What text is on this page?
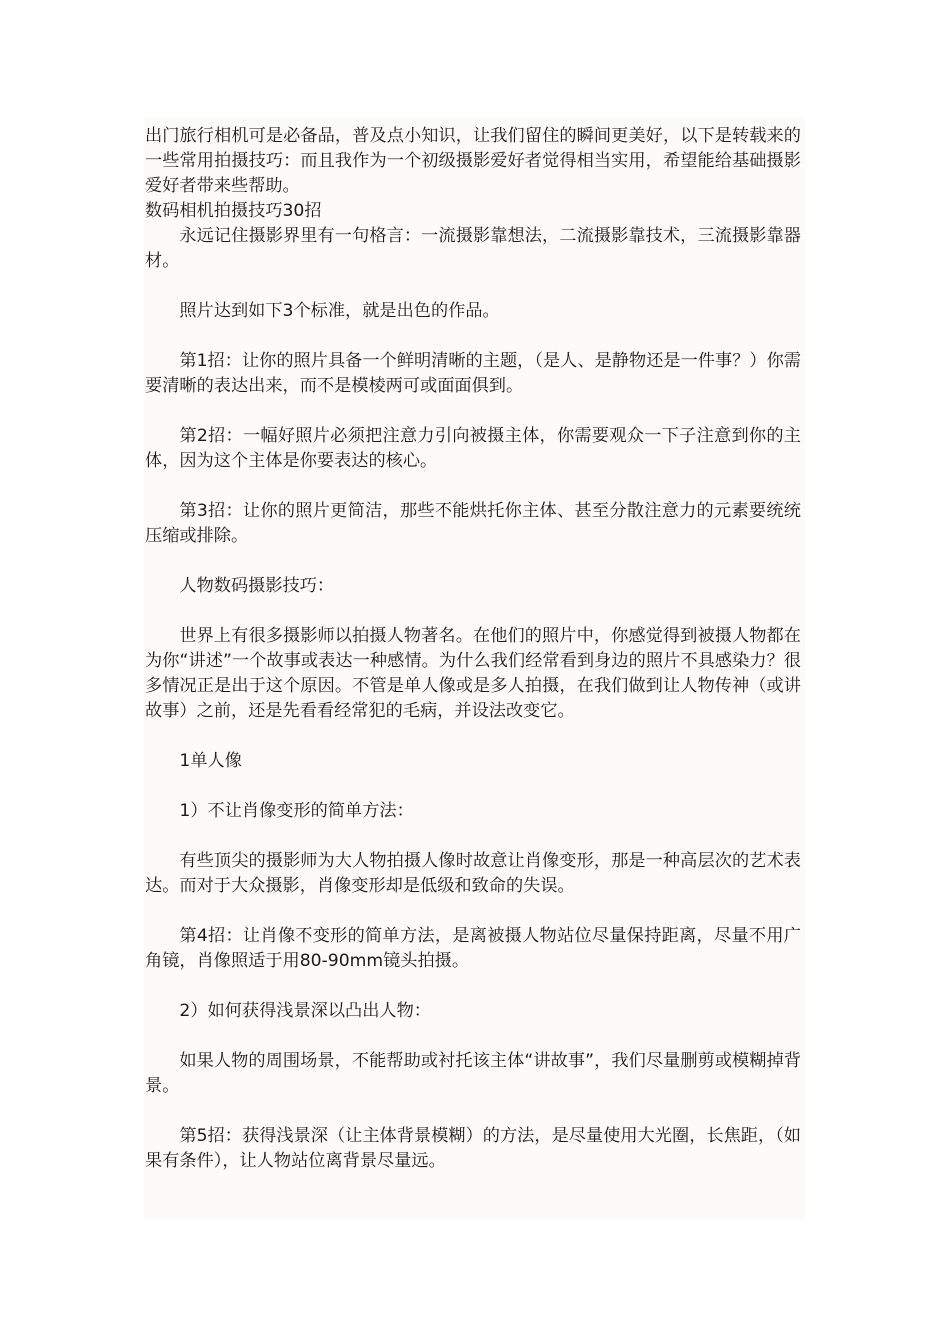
出门旅行相机可是必备品，普及点小知识，让我们留住的瞬间更美好，以下是转载来的一些常用拍摄技巧：而且我作为一个初级摄影爱好者觉得相当实用，希望能给基础摄影爱好者带来些帮助。

数码相机拍摄技巧30招

永远记住摄影界里有一句格言：一流摄影靠想法，二流摄影靠技术，三流摄影靠器材。

照片达到如下3个标准，就是出色的作品。

第1招：让你的照片具备一个鲜明清晰的主题，（是人、是静物还是一件事？）你需要清晰的表达出来，而不是模棱两可或面面俱到。

第2招：一幅好照片必须把注意力引向被摄主体，你需要观众一下子注意到你的主体，因为这个主体是你要表达的核心。

第3招：让你的照片更简洁，那些不能烘托你主体、甚至分散注意力的元素要统统压缩或排除。

人物数码摄影技巧：

世界上有很多摄影师以拍摄人物著名。在他们的照片中，你感觉得到被摄人物都在为你“讲述”一个故事或表达一种感情。为什么我们经常看到身边的照片不具感染力？很多情况正是出于这个原因。不管是单人像或是多人拍摄，在我们做到让人物传神（或讲故事）之前，还是先看看经常犯的毛病，并设法改变它。

1单人像

1）不让肖像变形的简单方法：

有些顶尖的摄影师为大人物拍摄人像时故意让肖像变形，那是一种高层次的艺术表达。而对于大众摄影，肖像变形却是低级和致命的失误。

第4招：让肖像不变形的简单方法，是离被摄人物站位尽量保持距离，尽量不用广角镜，肖像照适于用80-90mm镜头拍摄。

2）如何获得浅景深以凸出人物：

如果人物的周围场景，不能帮助或衬托该主体“讲故事”，我们尽量删剪或模糊掉背景。

第5招：获得浅景深（让主体背景模糊）的方法，是尽量使用大光圈，长焦距，（如果有条件），让人物站位离背景尽量远。
